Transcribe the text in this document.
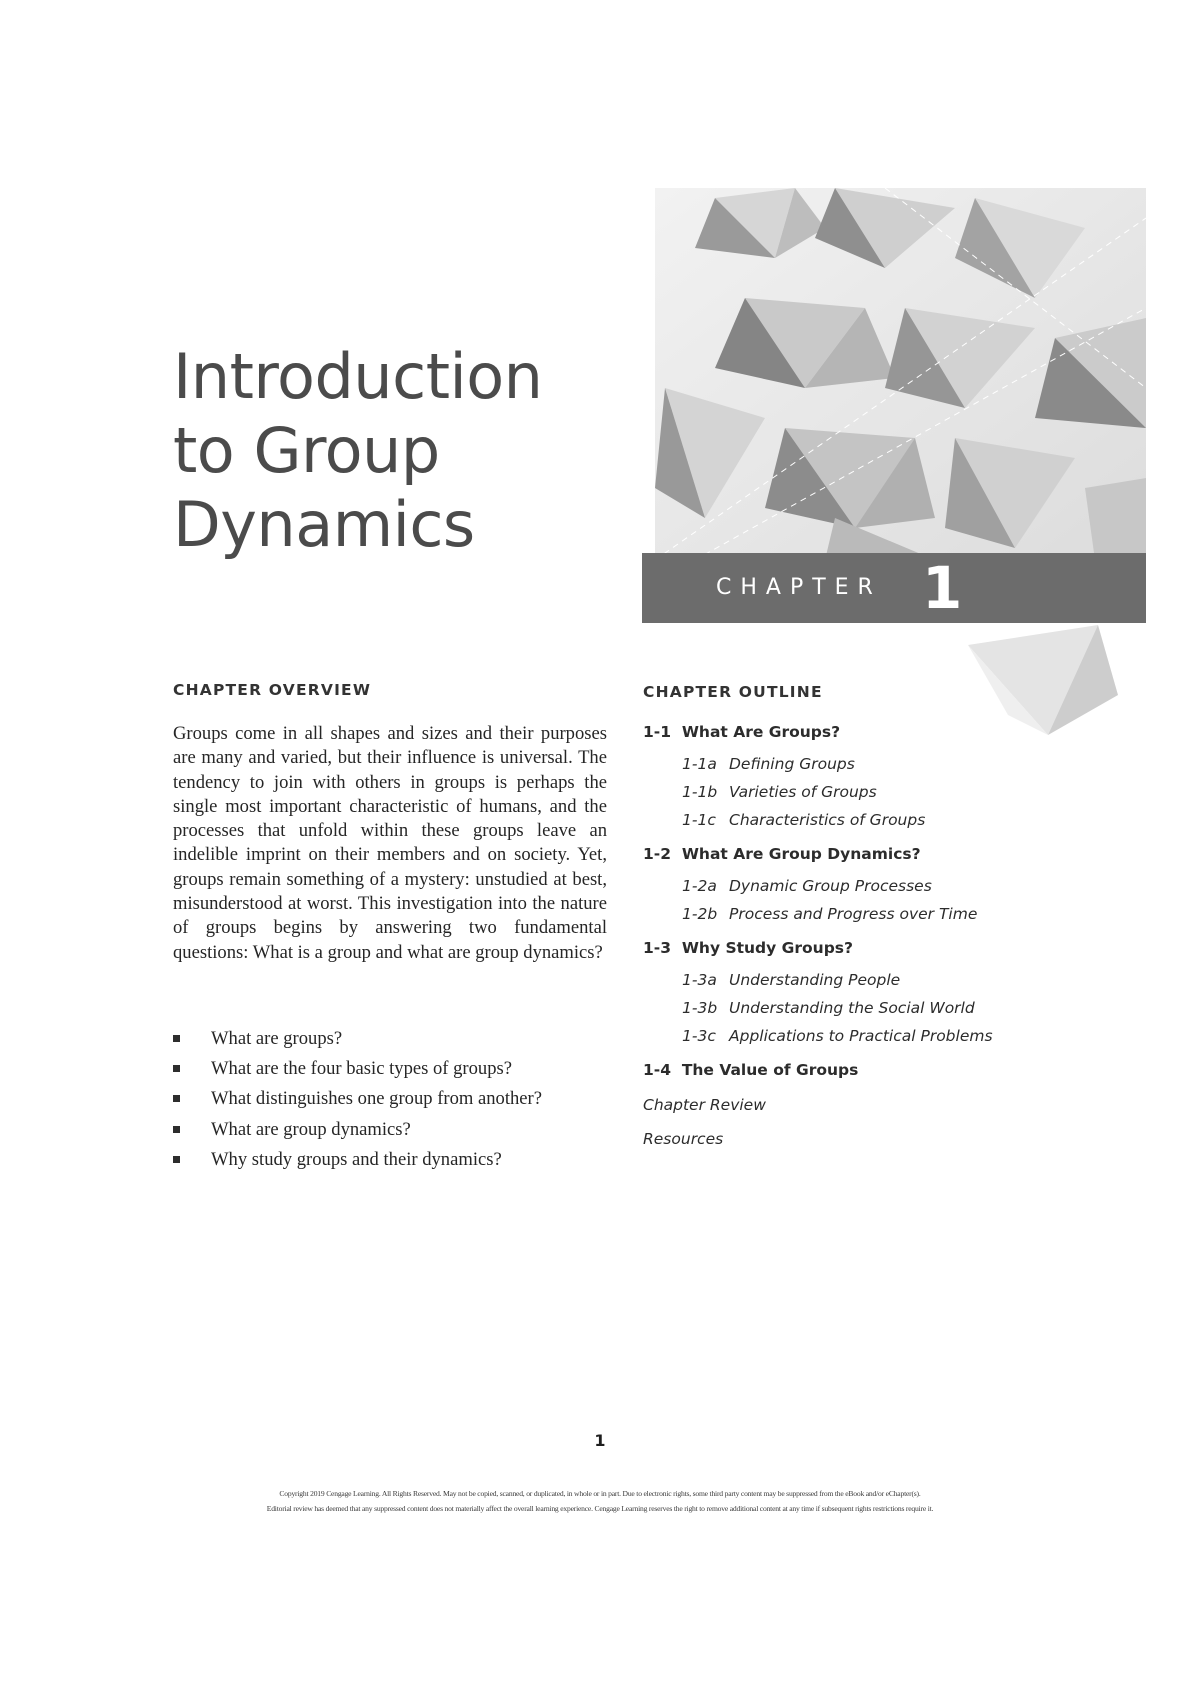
Introduction
to Group
Dynamics
CHAPTER 1
CHAPTER OVERVIEW

Groups come in all shapes and sizes and their purposes are many and varied, but their influence is universal. The tendency to join with others in groups is perhaps the single most important characteristic of humans, and the processes that unfold within these groups leave an indelible imprint on their members and on society. Yet, groups remain something of a mystery: unstudied at best, misunderstood at worst. This investigation into the nature of groups begins by answering two fundamental questions: What is a group and what are group dynamics?

What are groups?
What are the four basic types of groups?
What distinguishes one group from another?
What are group dynamics?
Why study groups and their dynamics?
CHAPTER OUTLINE

1-1 What Are Groups?

1-1a Defining Groups

1-1b Varieties of Groups

1-1c Characteristics of Groups

1-2 What Are Group Dynamics?

1-2a Dynamic Group Processes

1-2b Process and Progress over Time

1-3 Why Study Groups?

1-3a Understanding People

1-3b Understanding the Social World

1-3c Applications to Practical Problems

1-4 The Value of Groups

Chapter Review

Resources

1
Copyright 2019 Cengage Learning. All Rights Reserved. May not be copied, scanned, or duplicated, in whole or in part. Due to electronic rights, some third party content may be suppressed from the eBook and/or eChapter(s).
Editorial review has deemed that any suppressed content does not materially affect the overall learning experience. Cengage Learning reserves the right to remove additional content at any time if subsequent rights restrictions require it.
